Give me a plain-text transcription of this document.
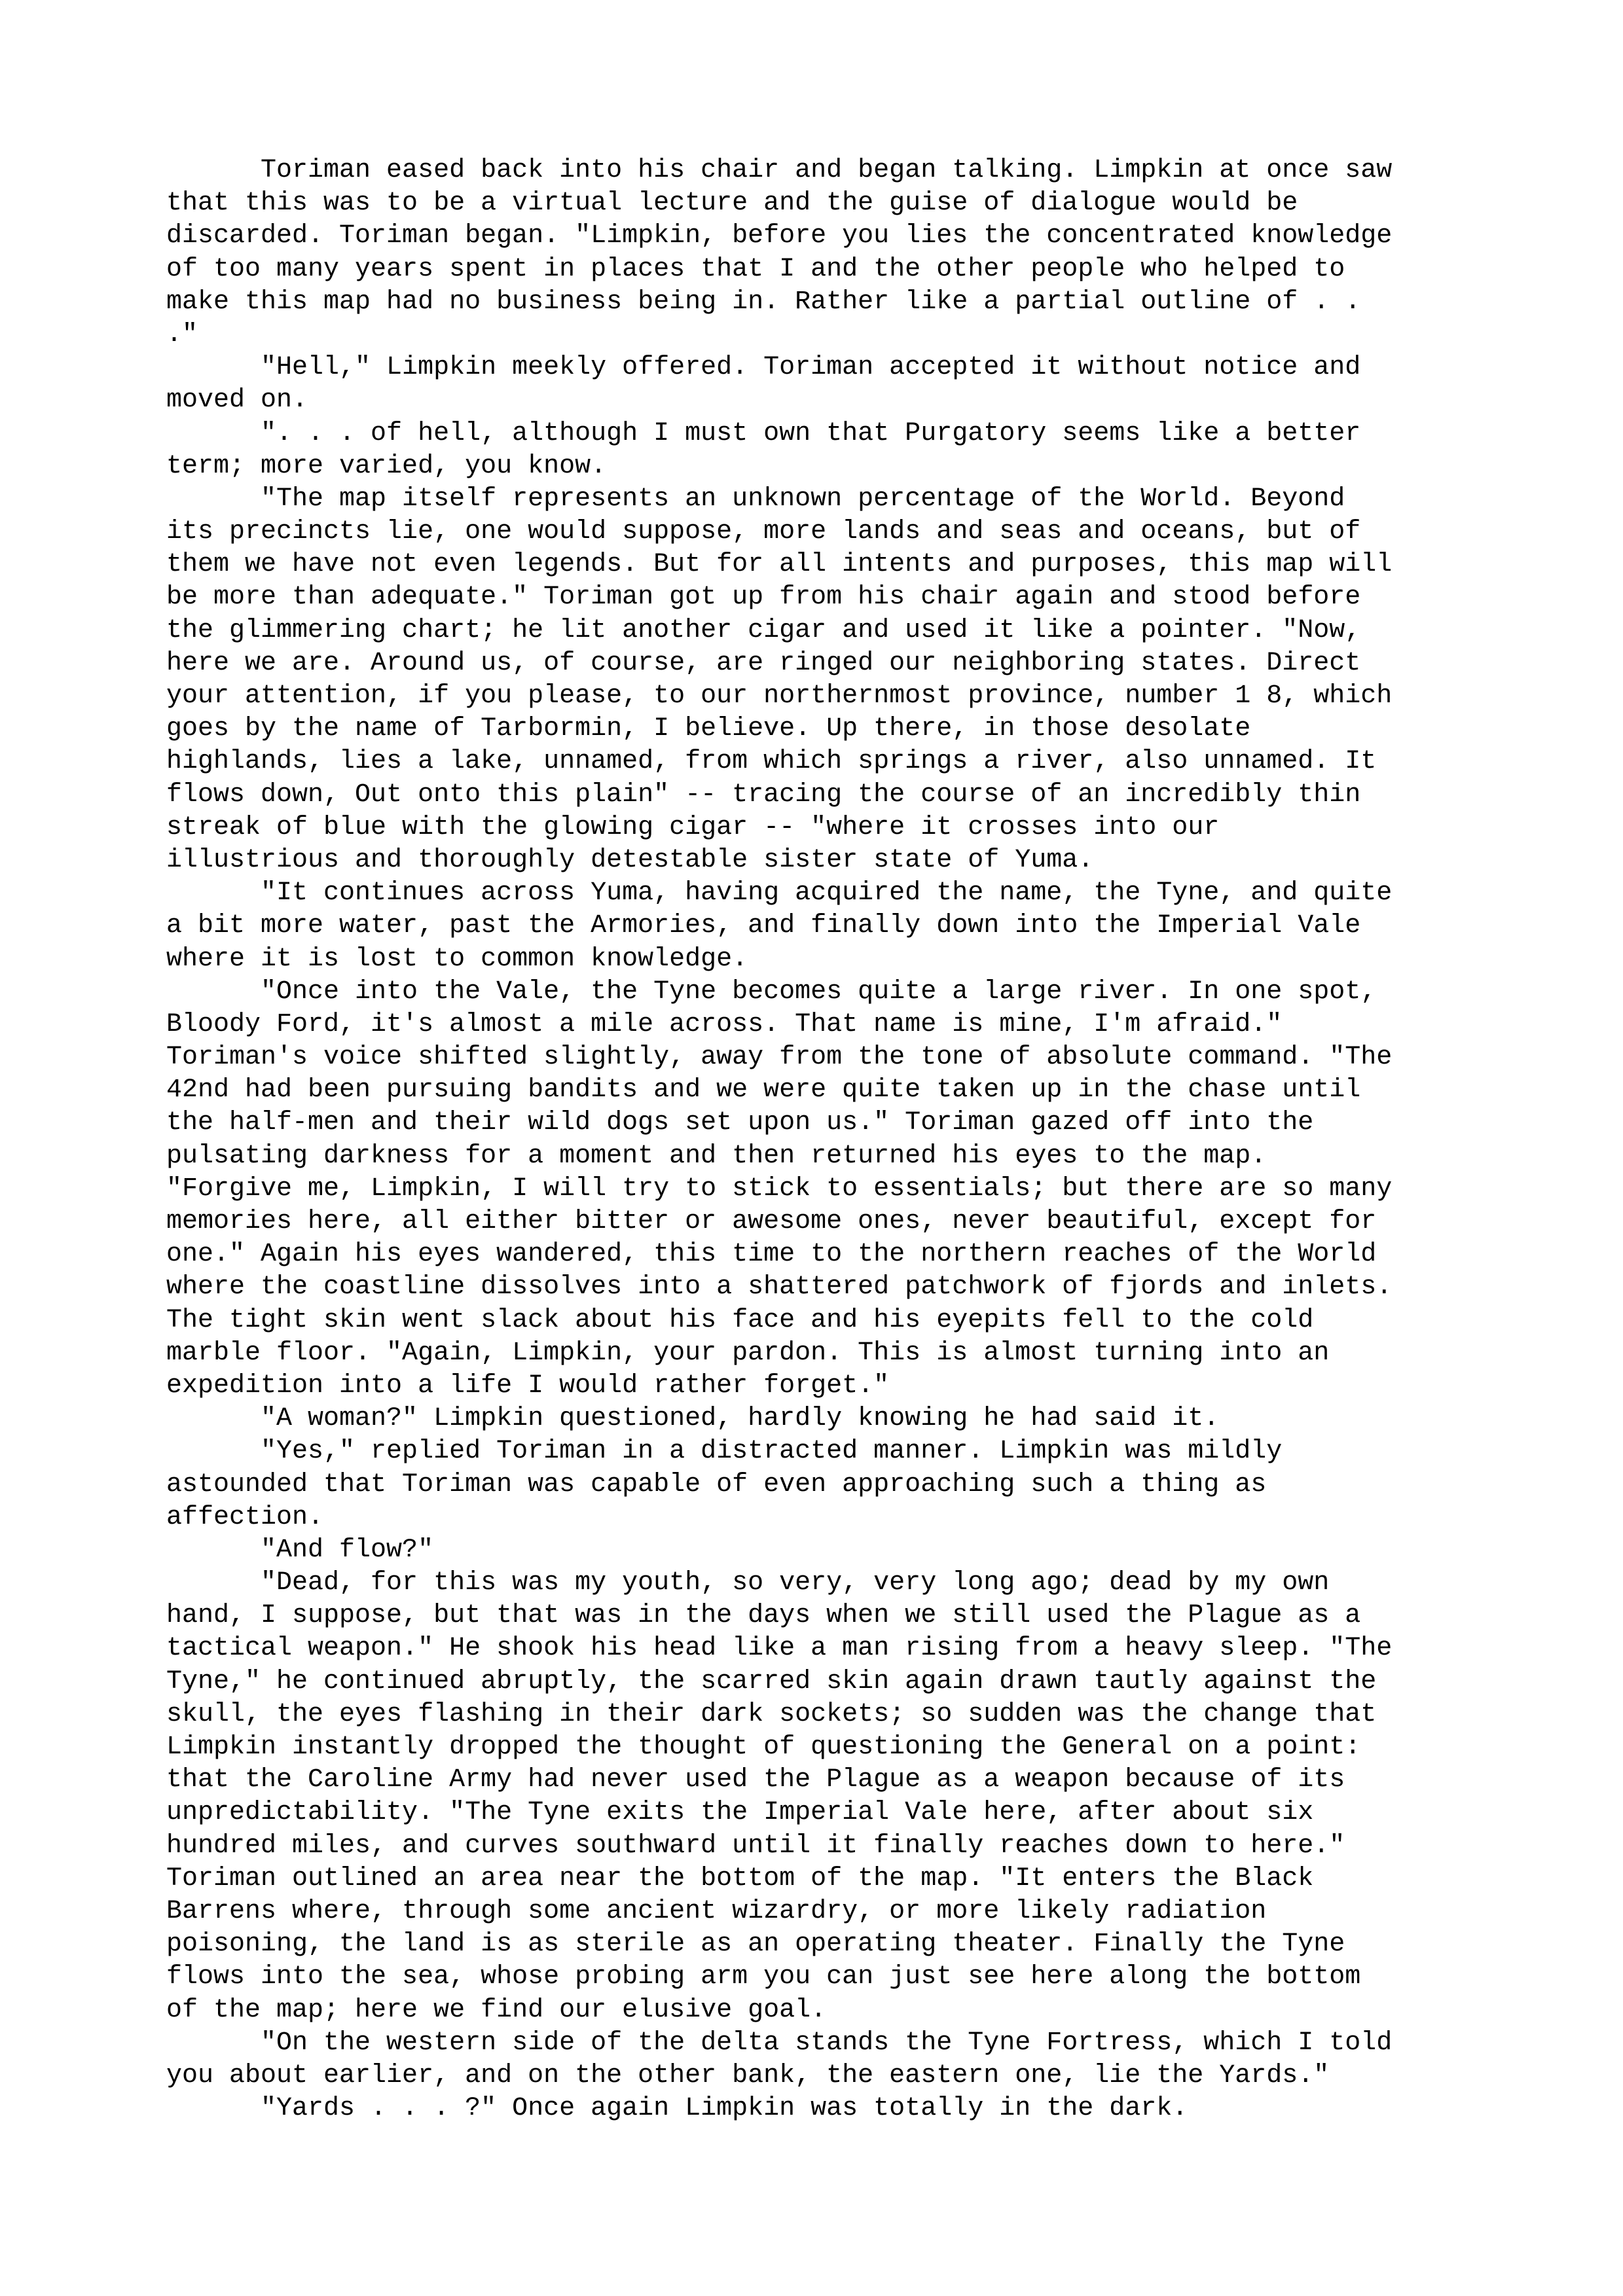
Toriman eased back into his chair and began talking. Limpkin at once saw
that this was to be a virtual lecture and the guise of dialogue would be
discarded. Toriman began. "Limpkin, before you lies the concentrated knowledge
of too many years spent in places that I and the other people who helped to
make this map had no business being in. Rather like a partial outline of . .
."
"Hell," Limpkin meekly offered. Toriman accepted it without notice and
moved on.
". . . of hell, although I must own that Purgatory seems like a better
term; more varied, you know.
"The map itself represents an unknown percentage of the World. Beyond
its precincts lie, one would suppose, more lands and seas and oceans, but of
them we have not even legends. But for all intents and purposes, this map will
be more than adequate." Toriman got up from his chair again and stood before
the glimmering chart; he lit another cigar and used it like a pointer. "Now,
here we are. Around us, of course, are ringed our neighboring states. Direct
your attention, if you please, to our northernmost province, number 1 8, which
goes by the name of Tarbormin, I believe. Up there, in those desolate
highlands, lies a lake, unnamed, from which springs a river, also unnamed. It
flows down, Out onto this plain" -- tracing the course of an incredibly thin
streak of blue with the glowing cigar -- "where it crosses into our
illustrious and thoroughly detestable sister state of Yuma.
"It continues across Yuma, having acquired the name, the Tyne, and quite
a bit more water, past the Armories, and finally down into the Imperial Vale
where it is lost to common knowledge.
"Once into the Vale, the Tyne becomes quite a large river. In one spot,
Bloody Ford, it's almost a mile across. That name is mine, I'm afraid."
Toriman's voice shifted slightly, away from the tone of absolute command. "The
42nd had been pursuing bandits and we were quite taken up in the chase until
the half-men and their wild dogs set upon us." Toriman gazed off into the
pulsating darkness for a moment and then returned his eyes to the map.
"Forgive me, Limpkin, I will try to stick to essentials; but there are so many
memories here, all either bitter or awesome ones, never beautiful, except for
one." Again his eyes wandered, this time to the northern reaches of the World
where the coastline dissolves into a shattered patchwork of fjords and inlets.
The tight skin went slack about his face and his eyepits fell to the cold
marble floor. "Again, Limpkin, your pardon. This is almost turning into an
expedition into a life I would rather forget."
"A woman?" Limpkin questioned, hardly knowing he had said it.
"Yes," replied Toriman in a distracted manner. Limpkin was mildly
astounded that Toriman was capable of even approaching such a thing as
affection.
"And flow?"
"Dead, for this was my youth, so very, very long ago; dead by my own
hand, I suppose, but that was in the days when we still used the Plague as a
tactical weapon." He shook his head like a man rising from a heavy sleep. "The
Tyne," he continued abruptly, the scarred skin again drawn tautly against the
skull, the eyes flashing in their dark sockets; so sudden was the change that
Limpkin instantly dropped the thought of questioning the General on a point:
that the Caroline Army had never used the Plague as a weapon because of its
unpredictability. "The Tyne exits the Imperial Vale here, after about six
hundred miles, and curves southward until it finally reaches down to here."
Toriman outlined an area near the bottom of the map. "It enters the Black
Barrens where, through some ancient wizardry, or more likely radiation
poisoning, the land is as sterile as an operating theater. Finally the Tyne
flows into the sea, whose probing arm you can just see here along the bottom
of the map; here we find our elusive goal.
"On the western side of the delta stands the Tyne Fortress, which I told
you about earlier, and on the other bank, the eastern one, lie the Yards."
"Yards . . . ?" Once again Limpkin was totally in the dark.
